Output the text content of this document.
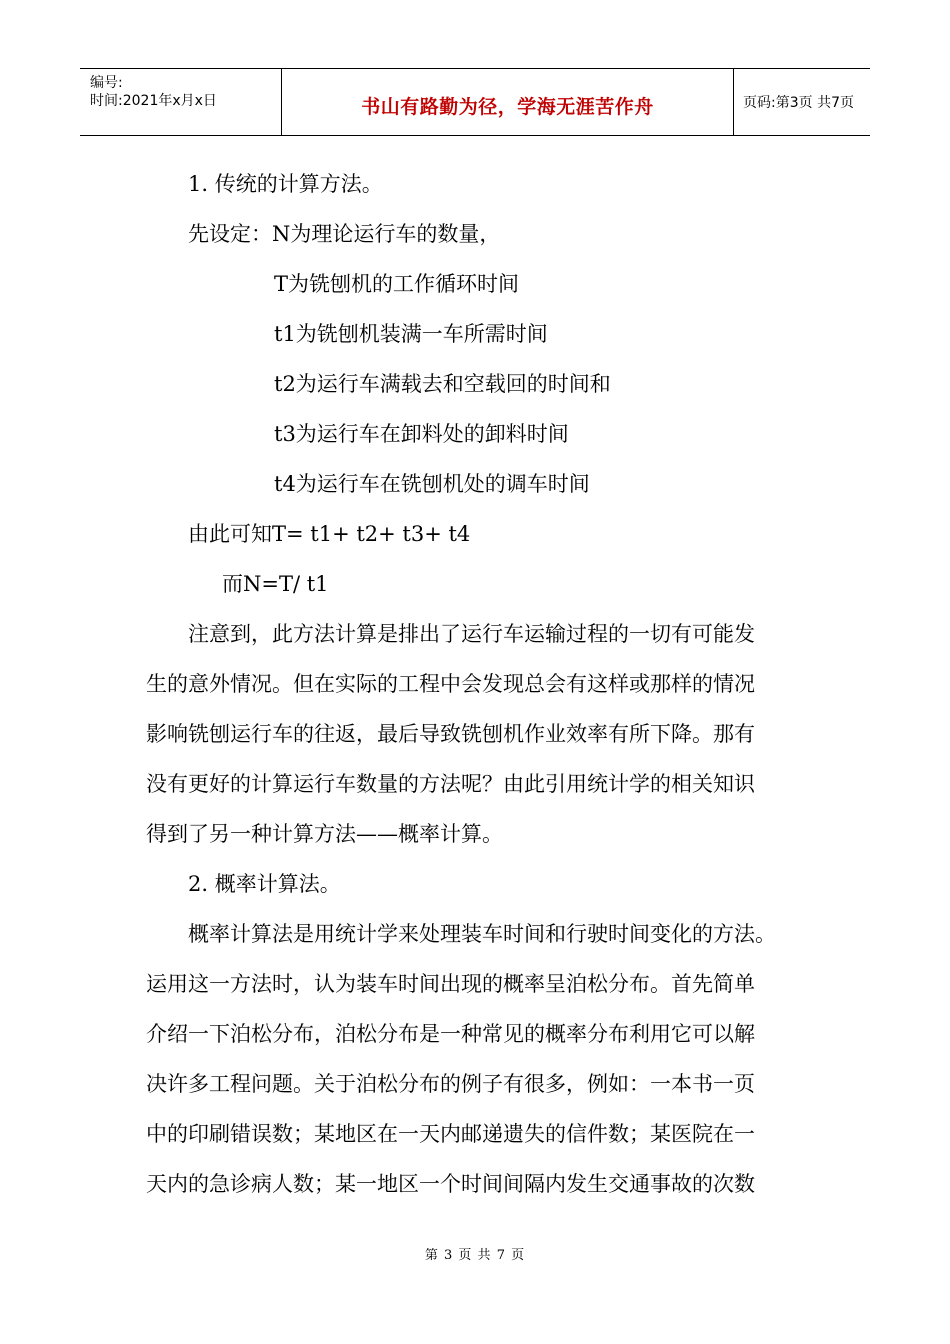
编号:
时间:2021年x月x日	书山有路勤为径，学海无涯苦作舟	页码:第3页 共7页
1. 传统的计算方法。
先设定：N为理论运行车的数量，
T为铣刨机的工作循环时间
t1为铣刨机装满一车所需时间
t2为运行车满载去和空载回的时间和
t3为运行车在卸料处的卸料时间
t4为运行车在铣刨机处的调车时间
由此可知T= t1+ t2+ t3+ t4
而N=T/ t1
注意到，此方法计算是排出了运行车运输过程的一切有可能发
生的意外情况。但在实际的工程中会发现总会有这样或那样的情况
影响铣刨运行车的往返，最后导致铣刨机作业效率有所下降。那有
没有更好的计算运行车数量的方法呢？由此引用统计学的相关知识
得到了另一种计算方法——概率计算。
2. 概率计算法。
概率计算法是用统计学来处理装车时间和行驶时间变化的方法。
运用这一方法时，认为装车时间出现的概率呈泊松分布。首先简单
介绍一下泊松分布，泊松分布是一种常见的概率分布利用它可以解
决许多工程问题。关于泊松分布的例子有很多，例如：一本书一页
中的印刷错误数；某地区在一天内邮递遗失的信件数；某医院在一
天内的急诊病人数；某一地区一个时间间隔内发生交通事故的次数
第 3 页 共 7 页
